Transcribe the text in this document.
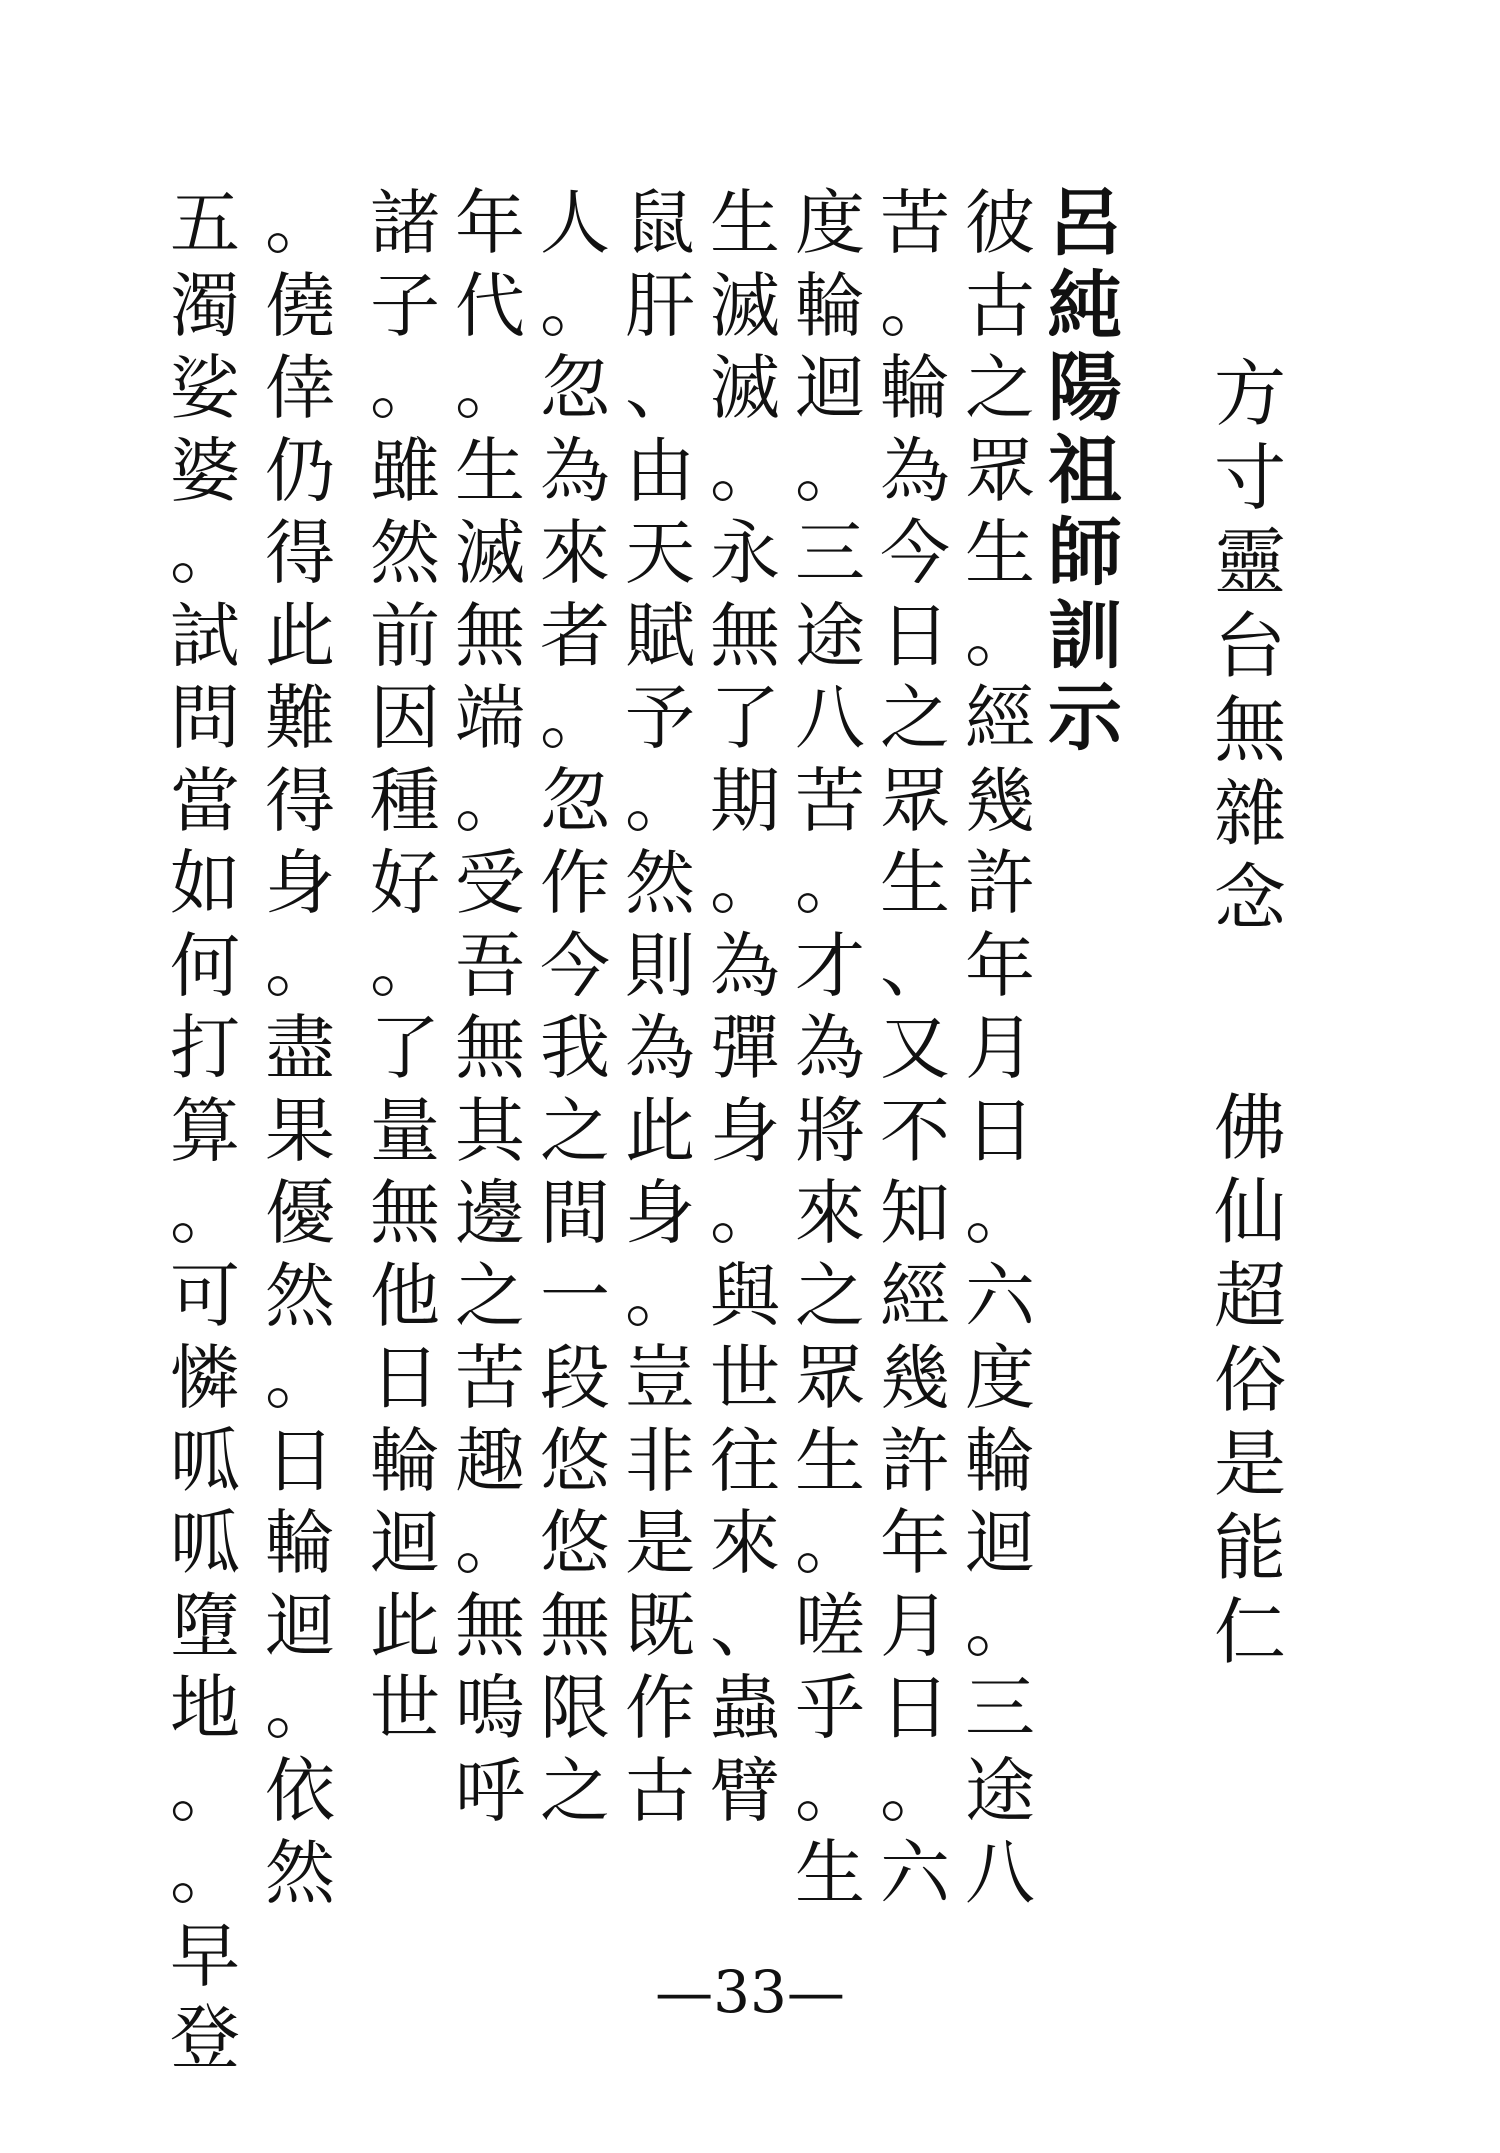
方
寸
靈
台
無
雜
念
佛
仙
超
俗
是
能
仁
呂
純
陽
祖
師
訓
示
彼
古
之
眾
生
。
經
幾
許
年
月
日
。
六
度
輪
迴
。
三
途
八
苦
。
輪
為
今
日
之
眾
生
、
又
不
知
經
幾
許
年
月
日
。
六
度
輪
迴
。
三
途
八
苦
。
才
為
將
來
之
眾
生
。
嗟
乎
。
生
生
滅
滅
。
永
無
了
期
。
為
彈
身
。
與
世
往
來
、
蟲
臂
鼠
肝
、
由
天
賦
予
。
然
則
為
此
身
。
豈
非
是
既
作
古
人
。
忽
為
來
者
。
忽
作
今
我
之
間
一
段
悠
悠
無
限
之
年
代
。
生
滅
無
端
。
受
吾
無
其
邊
之
苦
趣
。
無
嗚
呼
諸
子
。
雖
然
前
因
種
好
。
了
量
無
他
日
輪
迴
此
世
。
僥
倖
仍
得
此
難
得
身
。
盡
果
優
然
。
日
輪
迴
。
依
然
五
濁
娑
婆
。
試
問
當
如
何
打
算
。
可
憐
呱
呱
墮
地
。
。
早
登
—33—
